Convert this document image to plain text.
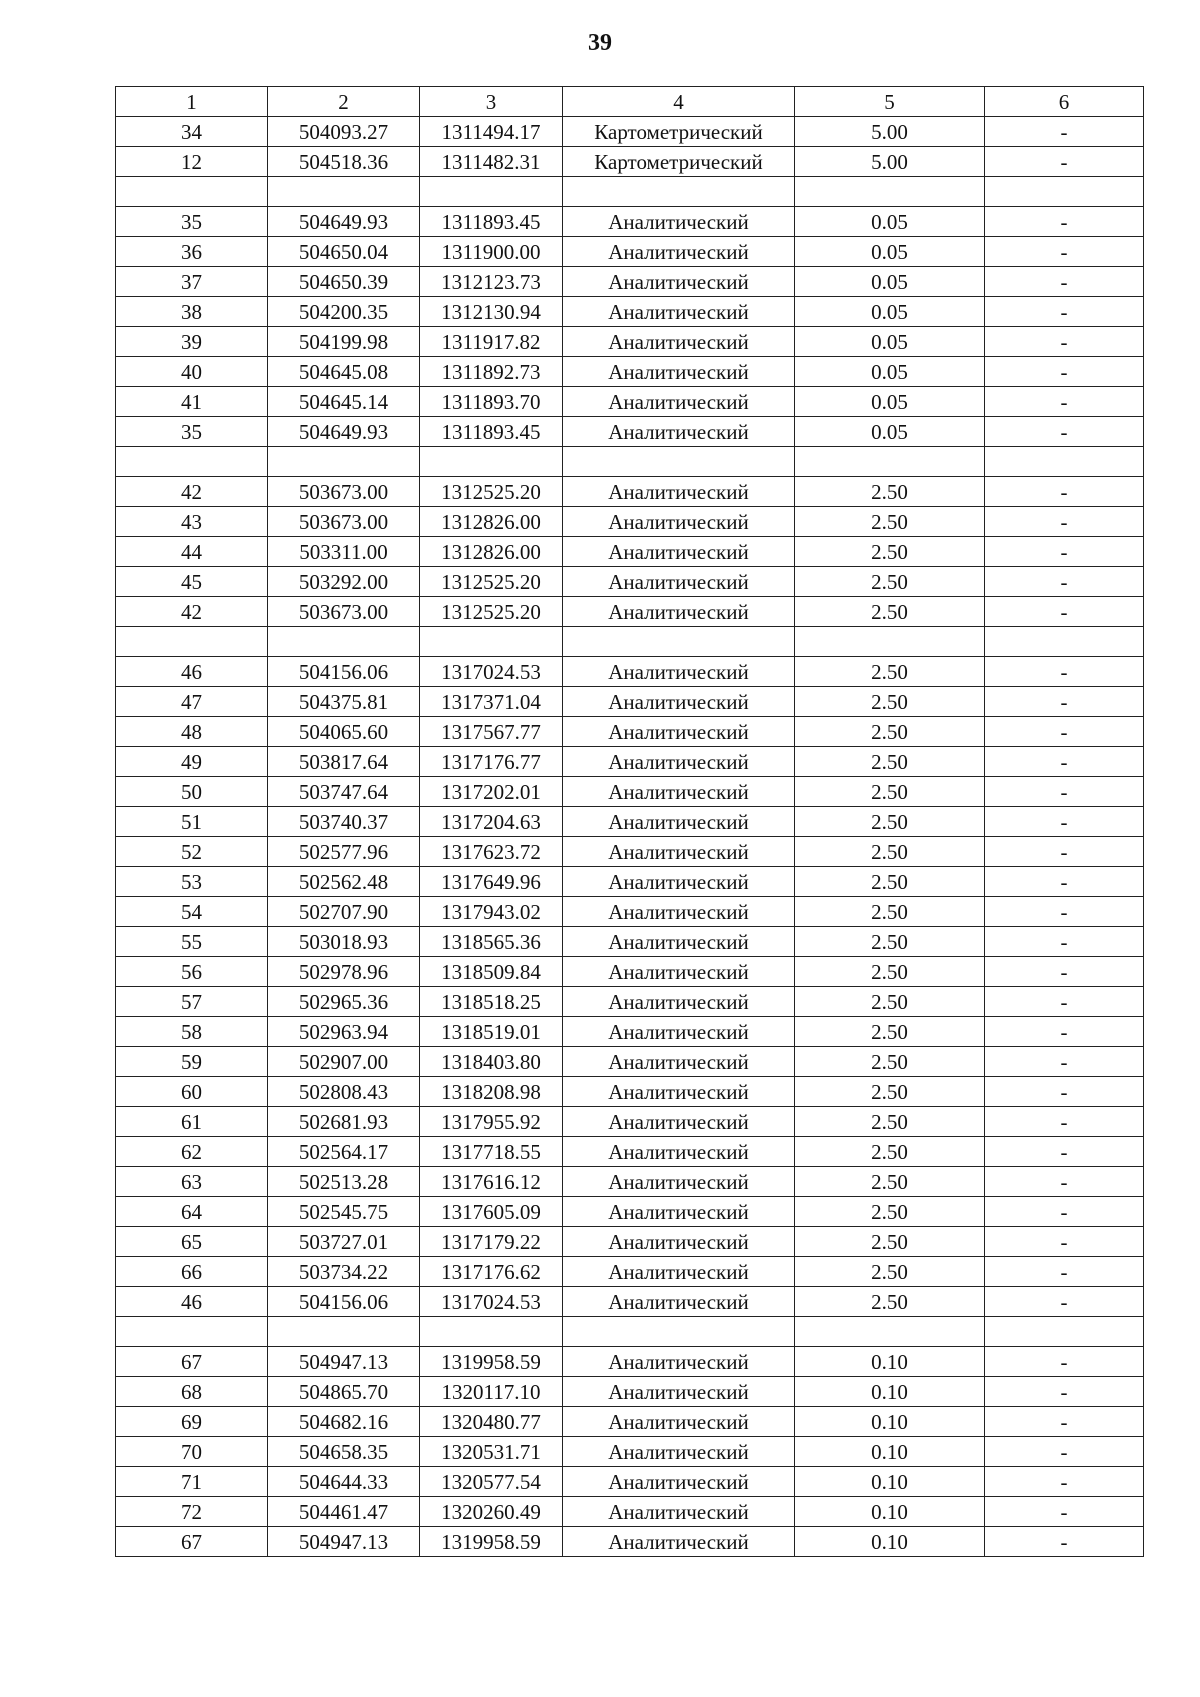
39
1	2	3	4	5	6
34	504093.27	1311494.17	Картометрический	5.00	-
12	504518.36	1311482.31	Картометрический	5.00	-

35	504649.93	1311893.45	Аналитический	0.05	-
36	504650.04	1311900.00	Аналитический	0.05	-
37	504650.39	1312123.73	Аналитический	0.05	-
38	504200.35	1312130.94	Аналитический	0.05	-
39	504199.98	1311917.82	Аналитический	0.05	-
40	504645.08	1311892.73	Аналитический	0.05	-
41	504645.14	1311893.70	Аналитический	0.05	-
35	504649.93	1311893.45	Аналитический	0.05	-

42	503673.00	1312525.20	Аналитический	2.50	-
43	503673.00	1312826.00	Аналитический	2.50	-
44	503311.00	1312826.00	Аналитический	2.50	-
45	503292.00	1312525.20	Аналитический	2.50	-
42	503673.00	1312525.20	Аналитический	2.50	-

46	504156.06	1317024.53	Аналитический	2.50	-
47	504375.81	1317371.04	Аналитический	2.50	-
48	504065.60	1317567.77	Аналитический	2.50	-
49	503817.64	1317176.77	Аналитический	2.50	-
50	503747.64	1317202.01	Аналитический	2.50	-
51	503740.37	1317204.63	Аналитический	2.50	-
52	502577.96	1317623.72	Аналитический	2.50	-
53	502562.48	1317649.96	Аналитический	2.50	-
54	502707.90	1317943.02	Аналитический	2.50	-
55	503018.93	1318565.36	Аналитический	2.50	-
56	502978.96	1318509.84	Аналитический	2.50	-
57	502965.36	1318518.25	Аналитический	2.50	-
58	502963.94	1318519.01	Аналитический	2.50	-
59	502907.00	1318403.80	Аналитический	2.50	-
60	502808.43	1318208.98	Аналитический	2.50	-
61	502681.93	1317955.92	Аналитический	2.50	-
62	502564.17	1317718.55	Аналитический	2.50	-
63	502513.28	1317616.12	Аналитический	2.50	-
64	502545.75	1317605.09	Аналитический	2.50	-
65	503727.01	1317179.22	Аналитический	2.50	-
66	503734.22	1317176.62	Аналитический	2.50	-
46	504156.06	1317024.53	Аналитический	2.50	-

67	504947.13	1319958.59	Аналитический	0.10	-
68	504865.70	1320117.10	Аналитический	0.10	-
69	504682.16	1320480.77	Аналитический	0.10	-
70	504658.35	1320531.71	Аналитический	0.10	-
71	504644.33	1320577.54	Аналитический	0.10	-
72	504461.47	1320260.49	Аналитический	0.10	-
67	504947.13	1319958.59	Аналитический	0.10	-
